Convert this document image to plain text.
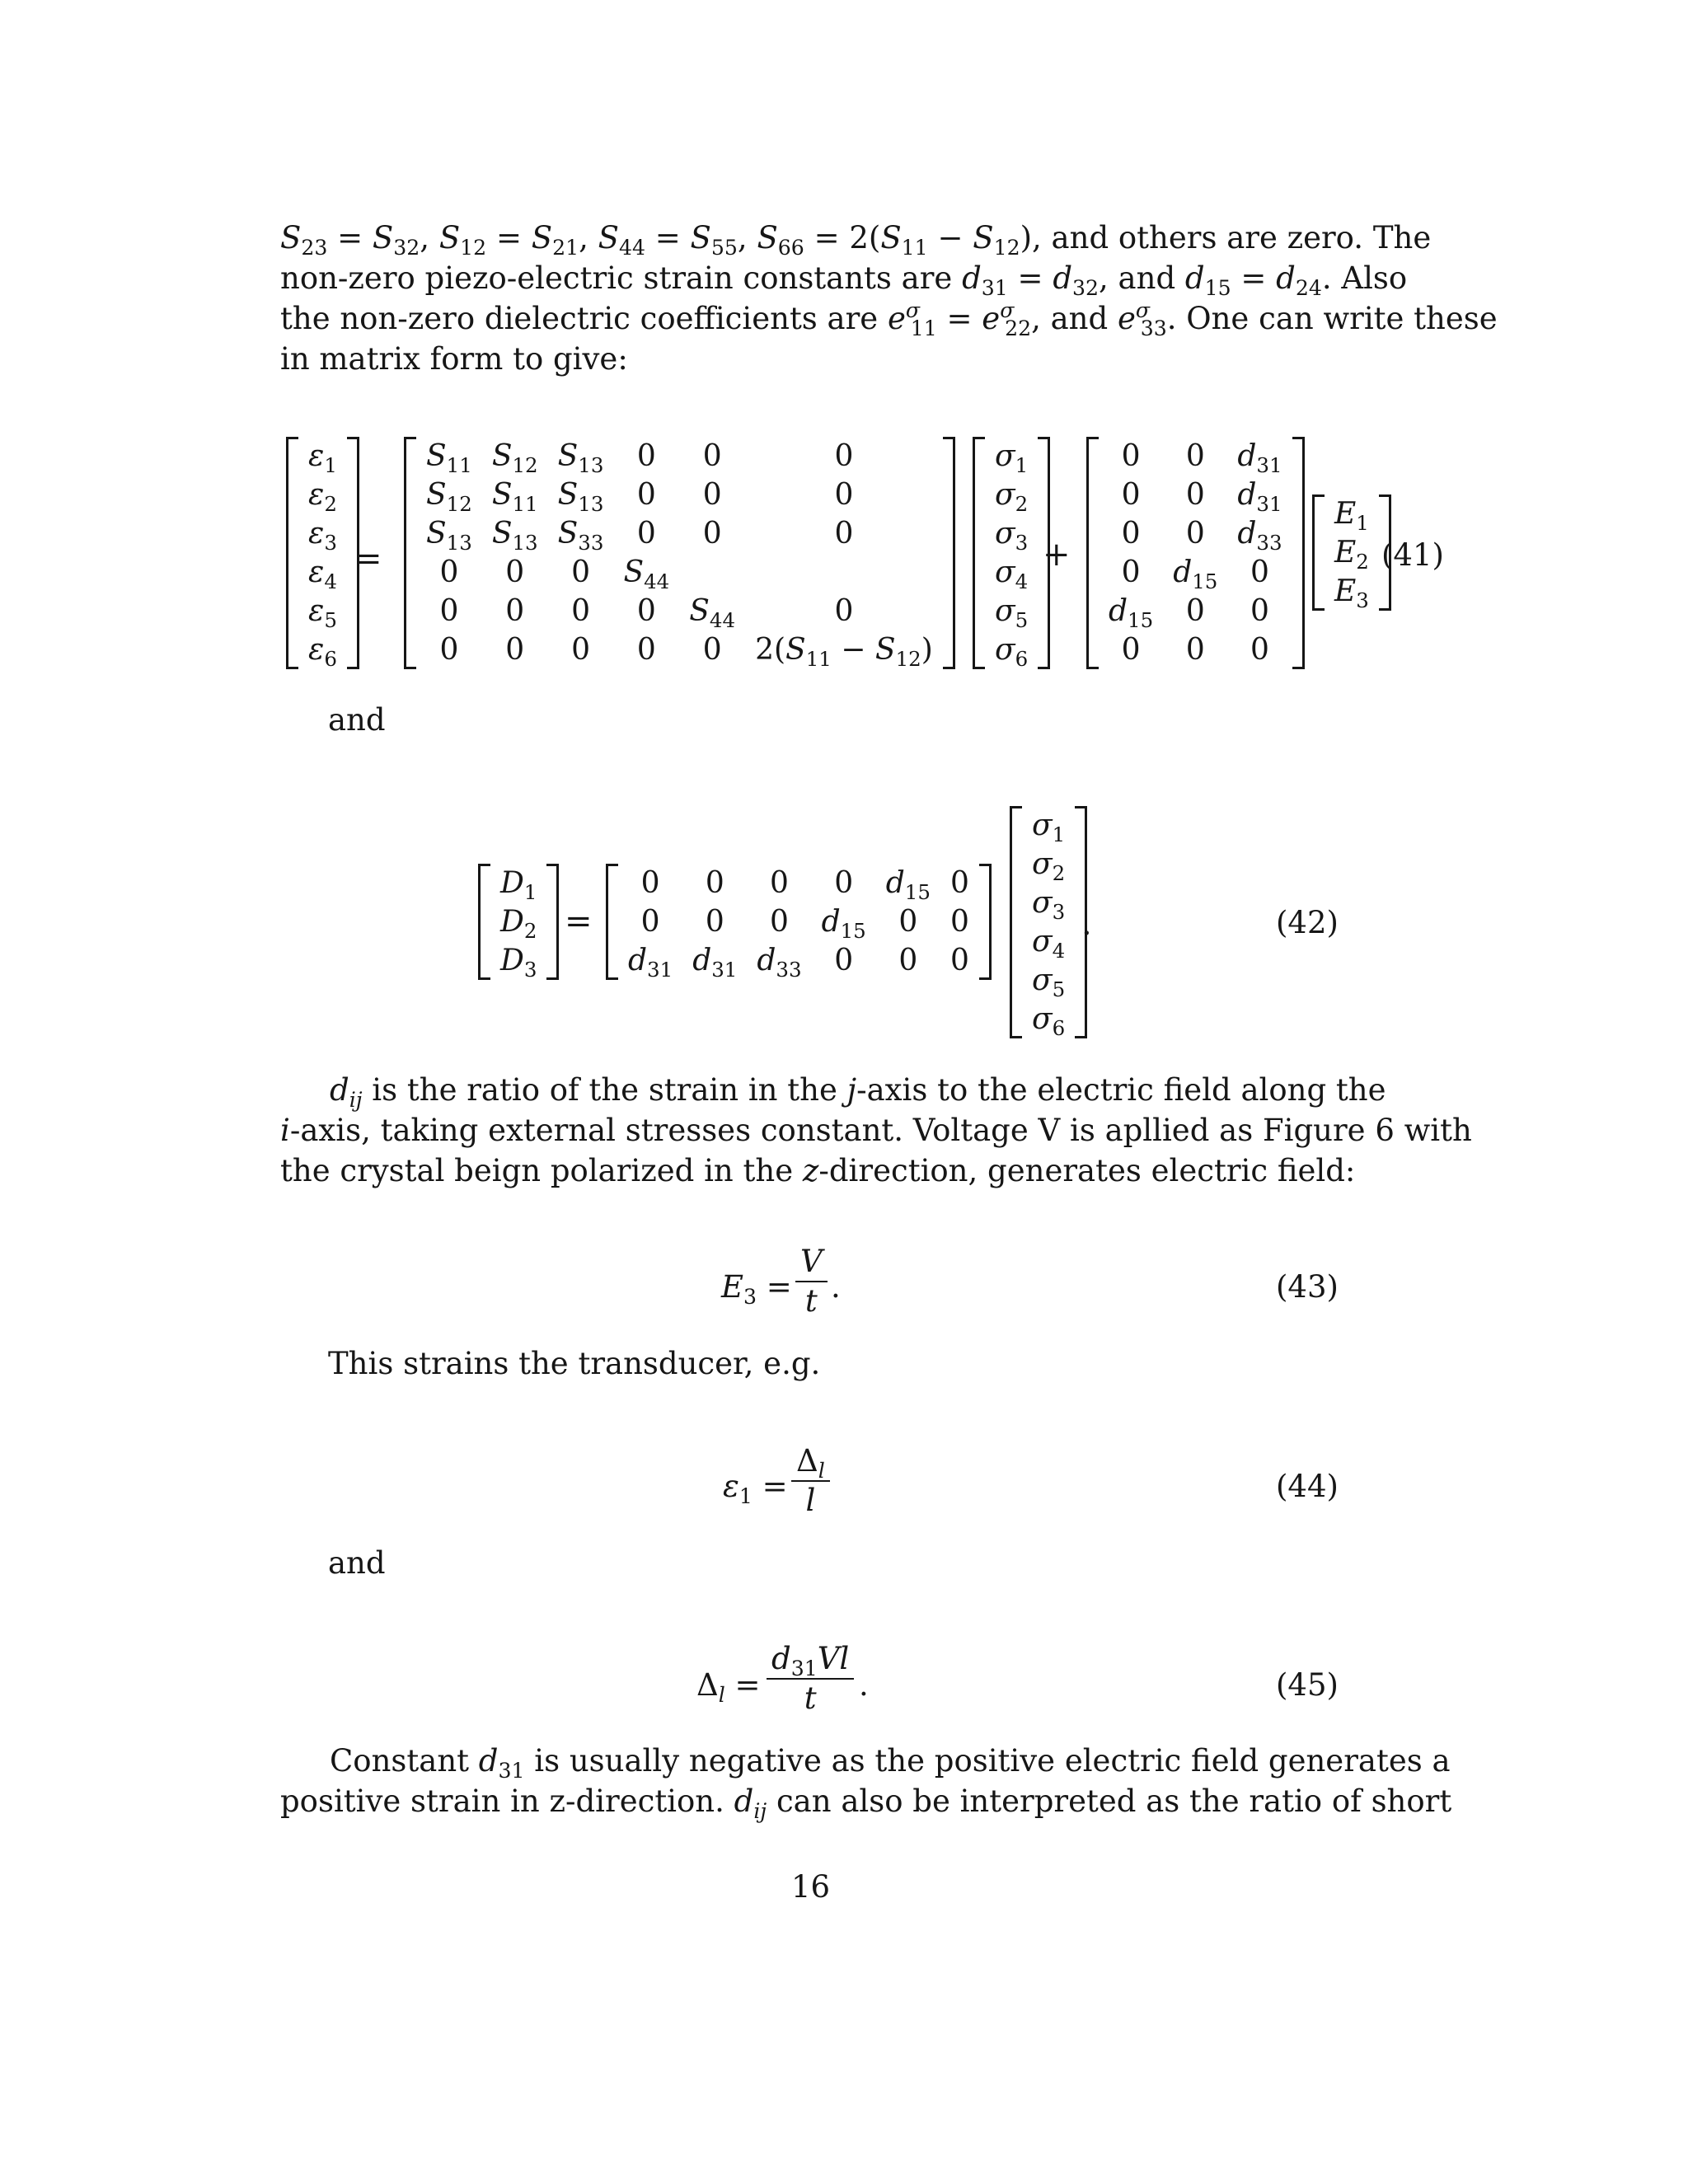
$S_{23} = S_{32}$, $S_{12} = S_{21}$, $S_{44} = S_{55}$, $S_{66} = 2(S_{11} - S_{12})$, and others are zero. The
non-zero piezo-electric strain constants are $d_{31} = d_{32}$, and $d_{15} = d_{24}$. Also
the non-zero dielectric coefficients are $e^\sigma_{11} = e^\sigma_{22}$, and $e^\sigma_{33}$. One can write these
in matrix form to give:
$\varepsilon_1$
$\varepsilon_2$
$\varepsilon_3$
$\varepsilon_4$
$\varepsilon_5$
$\varepsilon_6$
=
$S_{11}$	$S_{12}$	$S_{13}$	0	0	0
$S_{12}$	$S_{11}$	$S_{13}$	0	0	0
$S_{13}$	$S_{13}$	$S_{33}$	0	0	0
0	0	0	$S_{44}$		
0	0	0	0	$S_{44}$	0
0	0	0	0	0	$2(S_{11} - S_{12})$
$\sigma_1$
$\sigma_2$
$\sigma_3$
$\sigma_4$
$\sigma_5$
$\sigma_6$
+
0	0	$d_{31}$
0	0	$d_{31}$
0	0	$d_{33}$
0	$d_{15}$	0
$d_{15}$	0	0
0	0	0
$E_1$
$E_2$
$E_3$
(41)
and
$D_1$
$D_2$
$D_3$
=
0	0	0	0	$d_{15}$	0
0	0	0	$d_{15}$	0	0
$d_{31}$	$d_{31}$	$d_{33}$	0	0	0
$\sigma_1$
$\sigma_2$
$\sigma_3$
$\sigma_4$
$\sigma_5$
$\sigma_6$
.	(42)
$d_{ij}$ is the ratio of the strain in the j-axis to the electric field along the
i-axis, taking external stresses constant. Voltage V is apllied as Figure 6 with
the crystal beign polarized in the z-direction, generates electric field:
$E_3$ =
V
t .	(43)
This strains the transducer, e.g.
$\varepsilon_1$ =
$\Delta_l$
l	(44)
and
$\Delta_l$ =
$d_{31}Vl$
t .	(45)
Constant $d_{31}$ is usually negative as the positive electric field generates a
positive strain in z-direction. $d_{ij}$ can also be interpreted as the ratio of short
16
